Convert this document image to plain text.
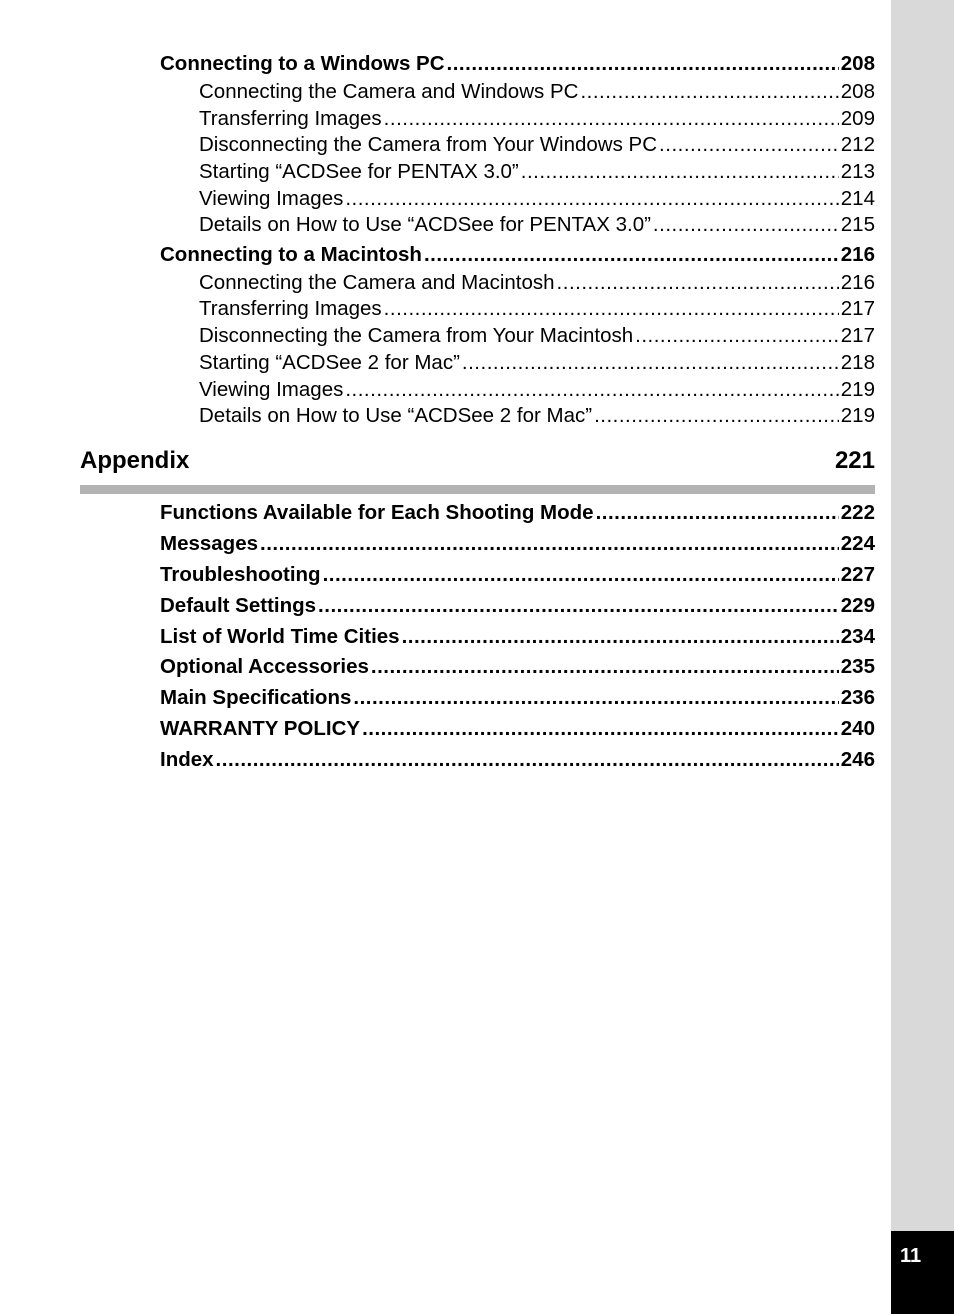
11
Connecting to a Windows PC .....	208
Connecting the Camera and Windows PC .....	208
Transferring Images .....	209
Disconnecting the Camera from Your Windows PC .....	212
Starting “ACDSee for PENTAX 3.0” .....	213
Viewing Images .....	214
Details on How to Use “ACDSee for PENTAX 3.0” .....	215
Connecting to a Macintosh .....	216
Connecting the Camera and Macintosh .....	216
Transferring Images .....	217
Disconnecting the Camera from Your Macintosh .....	217
Starting “ACDSee 2 for Mac” .....	218
Viewing Images .....	219
Details on How to Use “ACDSee 2 for Mac” .....	219
Appendix	221
Functions Available for Each Shooting Mode .....	222
Messages .....	224
Troubleshooting .....	227
Default Settings .....	229
List of World Time Cities .....	234
Optional Accessories .....	235
Main Specifications .....	236
WARRANTY POLICY .....	240
Index .....	246
